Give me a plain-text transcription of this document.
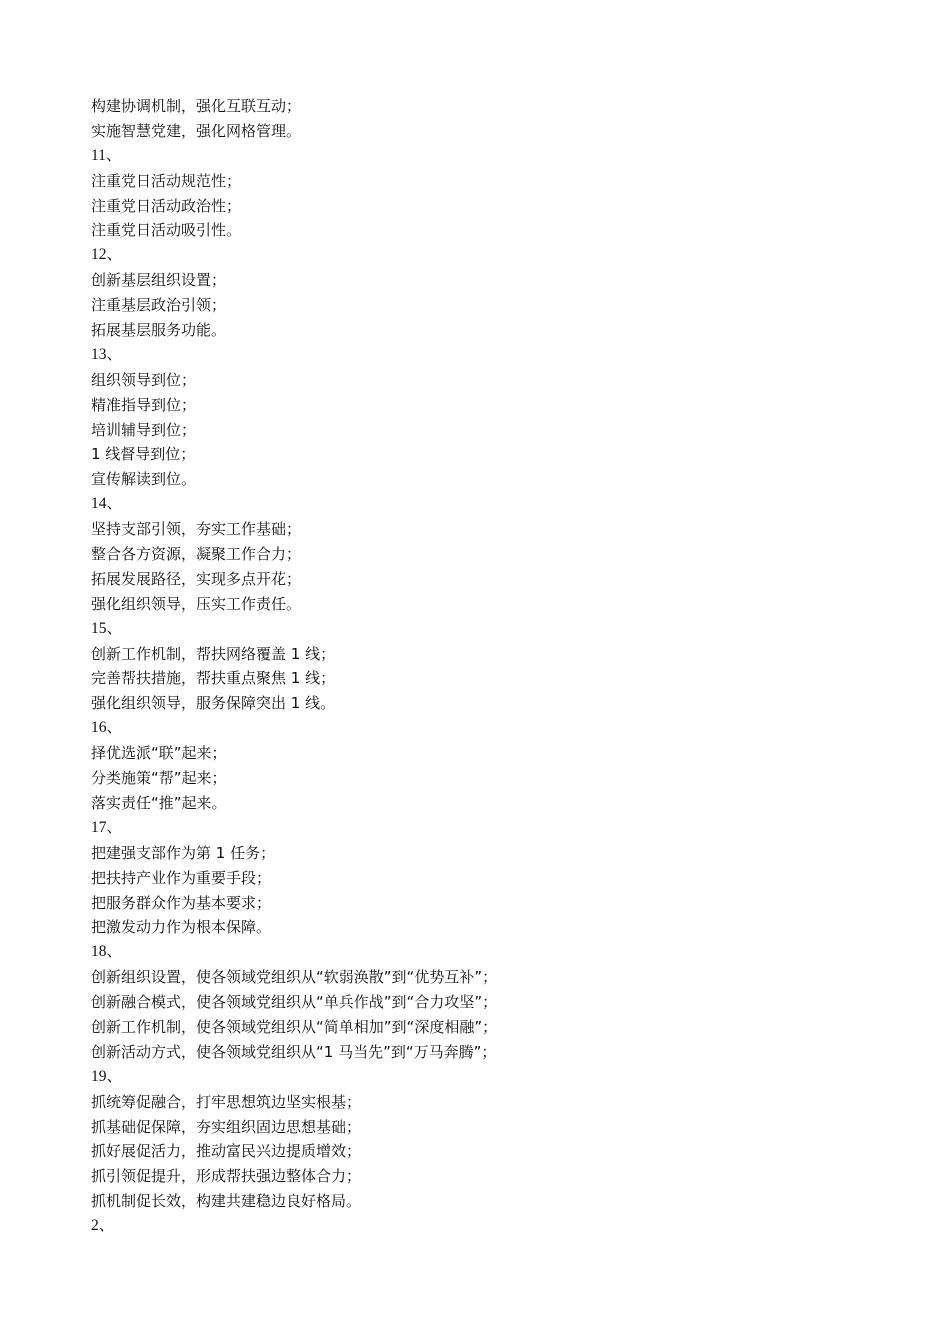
构建协调机制，强化互联互动；
实施智慧党建，强化网格管理。
11、
注重党日活动规范性；
注重党日活动政治性；
注重党日活动吸引性。
12、
创新基层组织设置；
注重基层政治引领；
拓展基层服务功能。
13、
组织领导到位；
精准指导到位；
培训辅导到位；
1 线督导到位；
宣传解读到位。
14、
坚持支部引领，夯实工作基础；
整合各方资源，凝聚工作合力；
拓展发展路径，实现多点开花；
强化组织领导，压实工作责任。
15、
创新工作机制，帮扶网络覆盖 1 线；
完善帮扶措施，帮扶重点聚焦 1 线；
强化组织领导，服务保障突出 1 线。
16、
择优选派“联”起来；
分类施策“帮”起来；
落实责任“推”起来。
17、
把建强支部作为第 1 任务；
把扶持产业作为重要手段；
把服务群众作为基本要求；
把激发动力作为根本保障。
18、
创新组织设置，使各领域党组织从“软弱涣散”到“优势互补”；
创新融合模式，使各领域党组织从“单兵作战”到“合力攻坚”；
创新工作机制，使各领域党组织从“简单相加”到“深度相融”；
创新活动方式，使各领域党组织从“1 马当先”到“万马奔腾”；
19、
抓统筹促融合，打牢思想筑边坚实根基；
抓基础促保障，夯实组织固边思想基础；
抓好展促活力，推动富民兴边提质增效；
抓引领促提升，形成帮扶强边整体合力；
抓机制促长效，构建共建稳边良好格局。
2、
